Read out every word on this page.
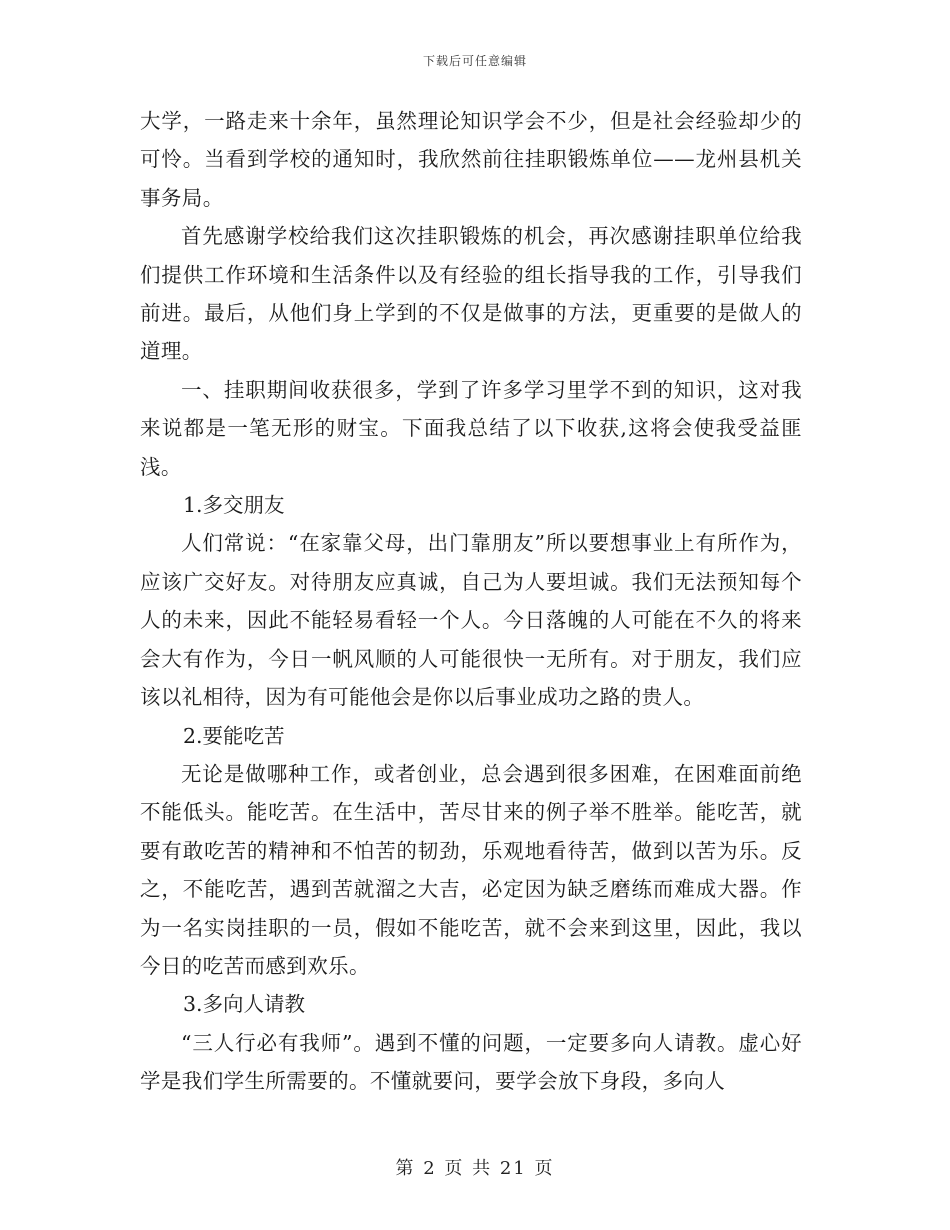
下载后可任意编辑

大学，一路走来十余年，虽然理论知识学会不少，但是社会经验却少的可怜。当看到学校的通知时，我欣然前往挂职锻炼单位——龙州县机关事务局。

首先感谢学校给我们这次挂职锻炼的机会，再次感谢挂职单位给我们提供工作环境和生活条件以及有经验的组长指导我的工作，引导我们前进。最后，从他们身上学到的不仅是做事的方法，更重要的是做人的道理。

一、挂职期间收获很多，学到了许多学习里学不到的知识，这对我来说都是一笔无形的财宝。下面我总结了以下收获,这将会使我受益匪浅。

1.多交朋友

人们常说：“在家靠父母，出门靠朋友”所以要想事业上有所作为，应该广交好友。对待朋友应真诚，自己为人要坦诚。我们无法预知每个人的未来，因此不能轻易看轻一个人。今日落魄的人可能在不久的将来会大有作为，今日一帆风顺的人可能很快一无所有。对于朋友，我们应该以礼相待，因为有可能他会是你以后事业成功之路的贵人。

2.要能吃苦

无论是做哪种工作，或者创业，总会遇到很多困难，在困难面前绝不能低头。能吃苦。在生活中，苦尽甘来的例子举不胜举。能吃苦，就要有敢吃苦的精神和不怕苦的韧劲，乐观地看待苦，做到以苦为乐。反之，不能吃苦，遇到苦就溜之大吉，必定因为缺乏磨练而难成大器。作为一名实岗挂职的一员，假如不能吃苦，就不会来到这里，因此，我以今日的吃苦而感到欢乐。

3.多向人请教

“三人行必有我师”。遇到不懂的问题，一定要多向人请教。虚心好学是我们学生所需要的。不懂就要问，要学会放下身段，多向人

第 2 页 共 21 页
